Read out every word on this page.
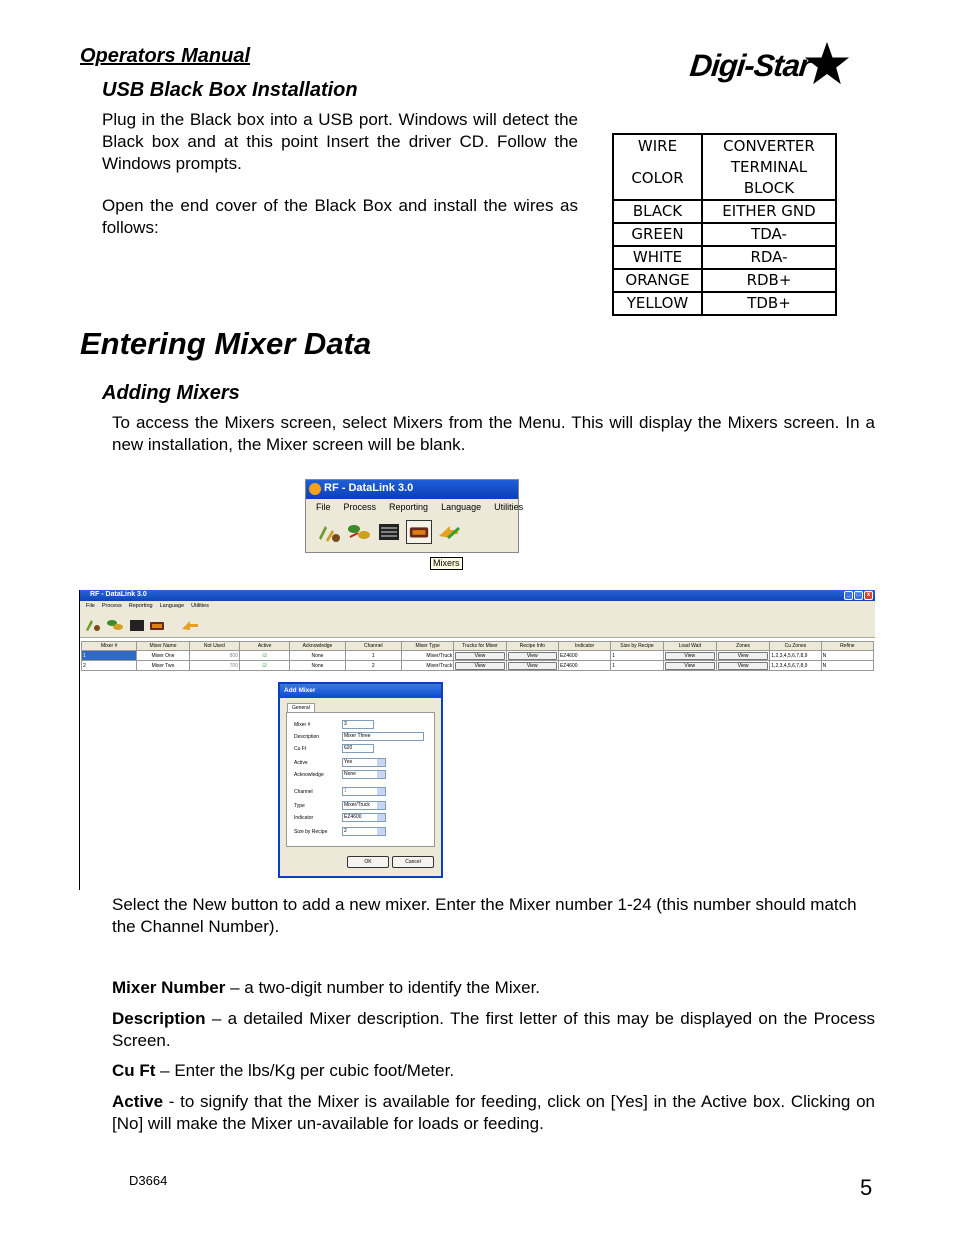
Operators Manual	Digi-Star
USB Black Box Installation
Plug in the Black box into a USB port. Windows will detect the Black box and at this point Insert the driver CD. Follow the Windows prompts.
Open the end cover of the Black Box and install the wires as follows:
WIRE	CONVERTER
COLOR	TERMINAL BLOCK
BLACK	EITHER GND
GREEN	TDA-
WHITE	RDA-
ORANGE	RDB+
YELLOW	TDB+
Entering Mixer Data
Adding Mixers
To access the Mixers screen, select Mixers from the Menu. This will display the Mixers screen. In a new installation, the Mixer screen will be blank.
RF - DataLink 3.0
File Process Reporting Language Utilities
Mixers
RF - DataLink 3.0	_	□	x
File Process Reporting Language Utilities
Mixer #	Mixer Name	Not Used	Active	Acknowledge	Channel	Mixer Type	Trucks for Mixer	Recipe Info	Indicator	Size by Recipe	Load Wait	Zones	Cu Zones	Refine
1	Mixer One	800	☑	None	1	Mixer/Truck	View	View	EZ4600	1	View	View	1,2,3,4,5,6,7,8,9	N
2	Mixer Two	700	☑	None	2	Mixer/Truck	View	View	EZ4600	1	View	View	1,2,3,4,5,6,7,8,9	N
Add Mixer
General
Mixer #	3
Description	Mixer Three
Cu Ft	620
Active	Yes
Acknowledge	None
Channel	1
Type	Mixer/Truck
Indicator	EZ4600
Size by Recipe	2
OK	Cancel
Select the New button to add a new mixer. Enter the Mixer number 1-24 (this number should match the Channel Number).
Mixer Number – a two-digit number to identify the Mixer.
Description – a detailed Mixer description. The first letter of this may be displayed on the Process Screen.
Cu Ft – Enter the lbs/Kg per cubic foot/Meter.
Active - to signify that the Mixer is available for feeding, click on [Yes] in the Active box. Clicking on [No] will make the Mixer un-available for loads or feeding.
D3664	5
